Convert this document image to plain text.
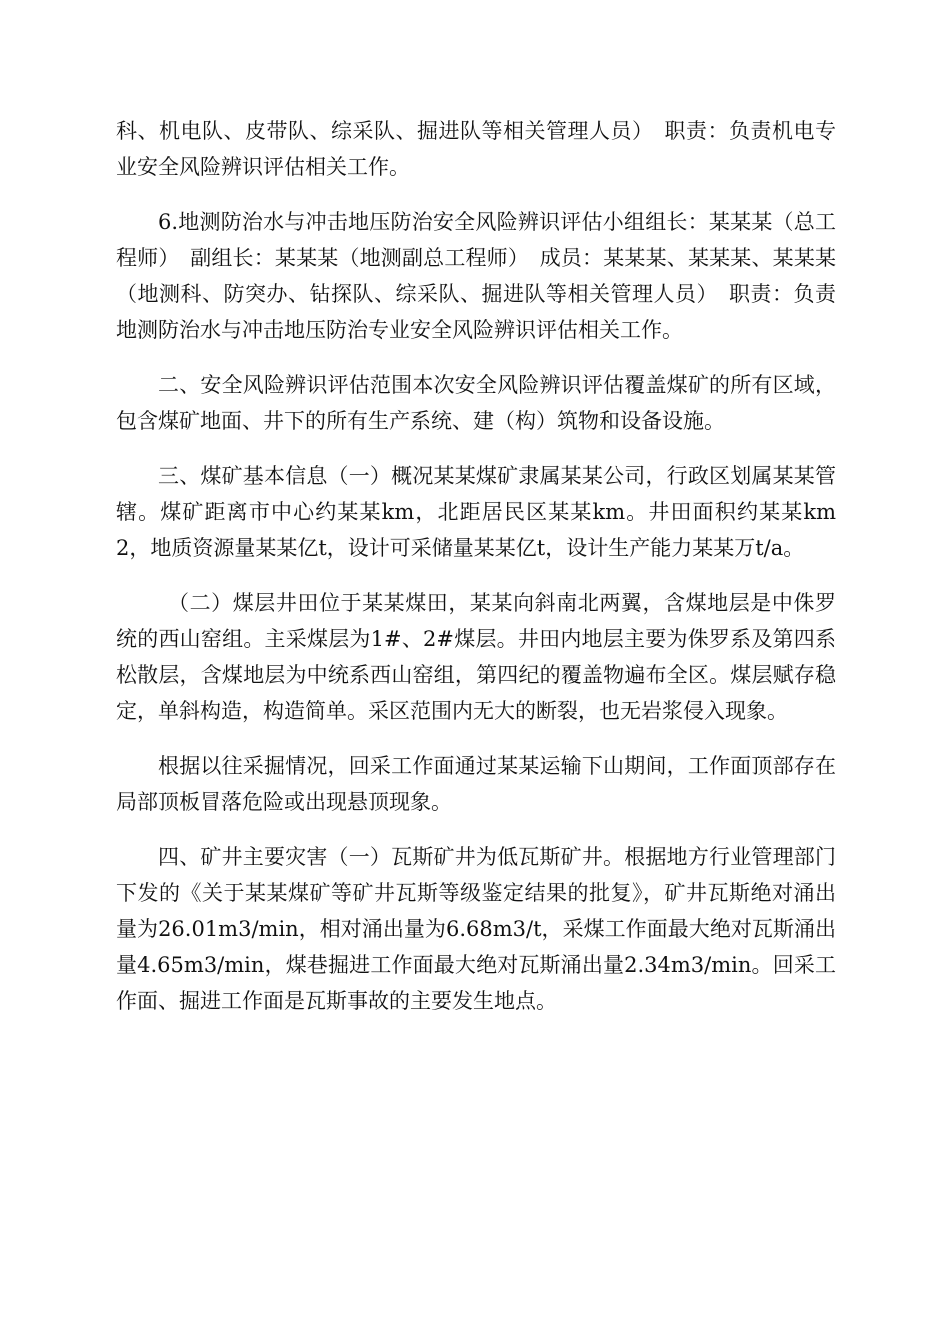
科、机电队、皮带队、综采队、掘进队等相关管理人员）　职责：负责机电专业安全风险辨识评估相关工作。

6.地测防治水与冲击地压防治安全风险辨识评估小组组长：某某某（总工程师）　副组长：某某某（地测副总工程师）　成员：某某某、某某某、某某某（地测科、防突办、钻探队、综采队、掘进队等相关管理人员）　职责：负责地测防治水与冲击地压防治专业安全风险辨识评估相关工作。

二、安全风险辨识评估范围本次安全风险辨识评估覆盖煤矿的所有区域，包含煤矿地面、井下的所有生产系统、建（构）筑物和设备设施。

三、煤矿基本信息（一）概况某某煤矿隶属某某公司，行政区划属某某管辖。煤矿距离市中心约某某km，北距居民区某某km。井田面积约某某km2，地质资源量某某亿t，设计可采储量某某亿t，设计生产能力某某万t/a。

（二）煤层井田位于某某煤田，某某向斜南北两翼，含煤地层是中侏罗统的西山窑组。主采煤层为1#、2#煤层。井田内地层主要为侏罗系及第四系松散层，含煤地层为中统系西山窑组，第四纪的覆盖物遍布全区。煤层赋存稳定，单斜构造，构造简单。采区范围内无大的断裂，也无岩浆侵入现象。

根据以往采掘情况，回采工作面通过某某运输下山期间，工作面顶部存在局部顶板冒落危险或出现悬顶现象。

四、矿井主要灾害（一）瓦斯矿井为低瓦斯矿井。根据地方行业管理部门下发的《关于某某煤矿等矿井瓦斯等级鉴定结果的批复》，矿井瓦斯绝对涌出量为26.01m3/min，相对涌出量为6.68m3/t，采煤工作面最大绝对瓦斯涌出量4.65m3/min，煤巷掘进工作面最大绝对瓦斯涌出量2.34m3/min。回采工作面、掘进工作面是瓦斯事故的主要发生地点。
